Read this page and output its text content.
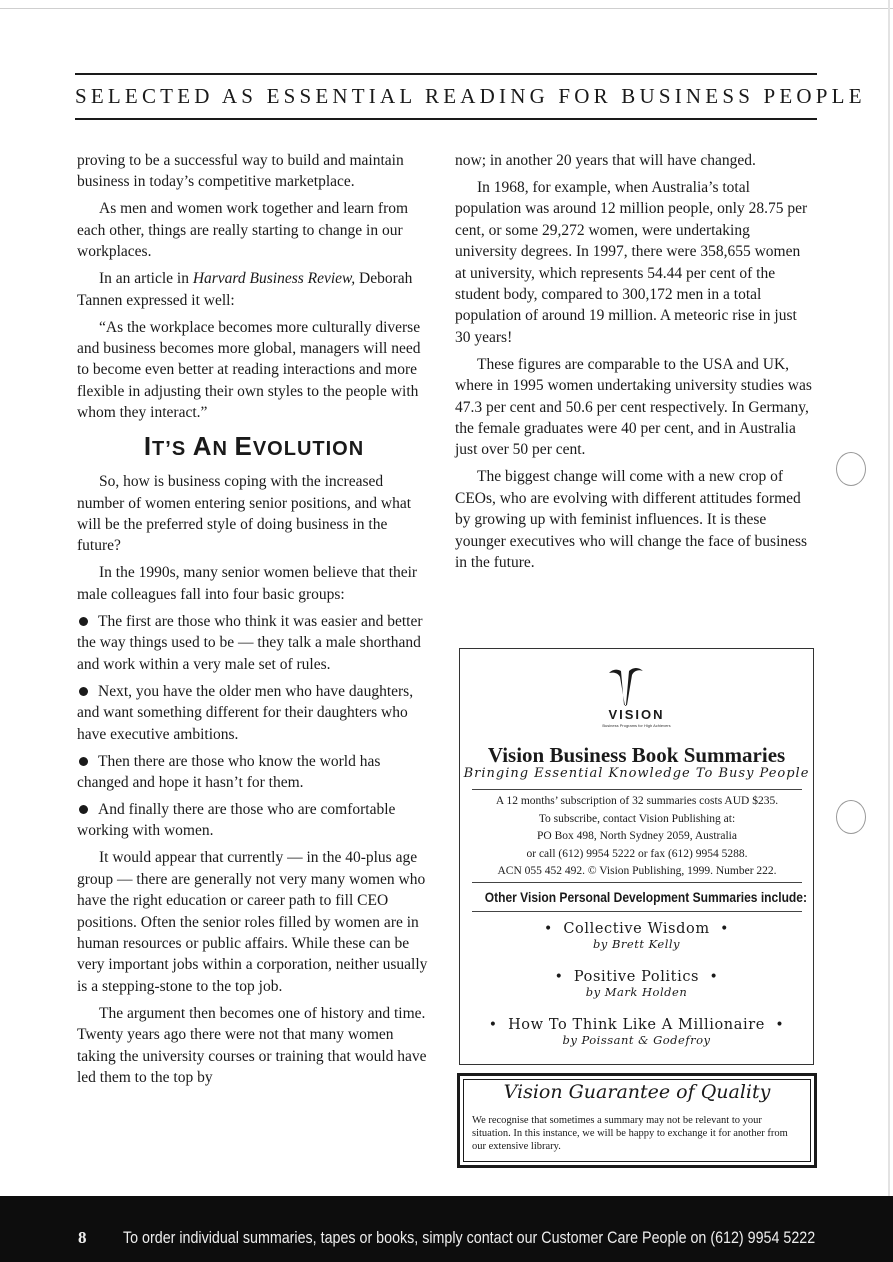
SELECTED AS ESSENTIAL READING FOR BUSINESS PEOPLE

proving to be a successful way to build and maintain business in today’s competitive marketplace.

As men and women work together and learn from each other, things are really starting to change in our workplaces.

In an article in Harvard Business Review, Deborah Tannen expressed it well:

“As the workplace becomes more culturally diverse and business becomes more global, managers will need to become even better at reading interactions and more flexible in adjusting their own styles to the people with whom they interact.”

IT’S AN EVOLUTION

So, how is business coping with the increased number of women entering senior positions, and what will be the preferred style of doing business in the future?

In the 1990s, many senior women believe that their male colleagues fall into four basic groups:

The first are those who think it was easier and better the way things used to be — they talk a male shorthand and work within a very male set of rules.

Next, you have the older men who have daughters, and want something different for their daughters who have executive ambitions.

Then there are those who know the world has changed and hope it hasn’t for them.

And finally there are those who are comfortable working with women.

It would appear that currently — in the 40-plus age group — there are generally not very many women who have the right education or career path to fill CEO positions. Often the senior roles filled by women are in human resources or public affairs. While these can be very important jobs within a corporation, neither usually is a stepping-stone to the top job.

The argument then becomes one of history and time. Twenty years ago there were not that many women taking the university courses or training that would have led them to the top by

now; in another 20 years that will have changed.

In 1968, for example, when Australia’s total population was around 12 million people, only 28.75 per cent, or some 29,272 women, were undertaking university degrees. In 1997, there were 358,655 women at university, which represents 54.44 per cent of the student body, compared to 300,172 men in a total population of around 19 million. A meteoric rise in just 30 years!

These figures are comparable to the USA and UK, where in 1995 women undertaking university studies was 47.3 per cent and 50.6 per cent respectively. In Germany, the female graduates were 40 per cent, and in Australia just over 50 per cent.

The biggest change will come with a new crop of CEOs, who are evolving with different attitudes formed by growing up with feminist influences. It is these younger executives who will change the face of business in the future.

VISION
Business Programs for High Achievers
Vision Business Book Summaries
Bringing Essential Knowledge To Busy People
A 12 months’ subscription of 32 summaries costs AUD $235.
To subscribe, contact Vision Publishing at:
PO Box 498, North Sydney 2059, Australia
or call (612) 9954 5222 or fax (612) 9954 5288.
ACN 055 452 492. © Vision Publishing, 1999. Number 222.
Other Vision Personal Development Summaries include:
• Collective Wisdom •
by Brett Kelly
• Positive Politics •
by Mark Holden
• How To Think Like A Millionaire •
by Poissant & Godefroy
Vision Guarantee of Quality
We recognise that sometimes a summary may not be relevant to your situation. In this instance, we will be happy to exchange it for another from our extensive library.
8 To order individual summaries, tapes or books, simply contact our Customer Care People on (612) 9954 5222
